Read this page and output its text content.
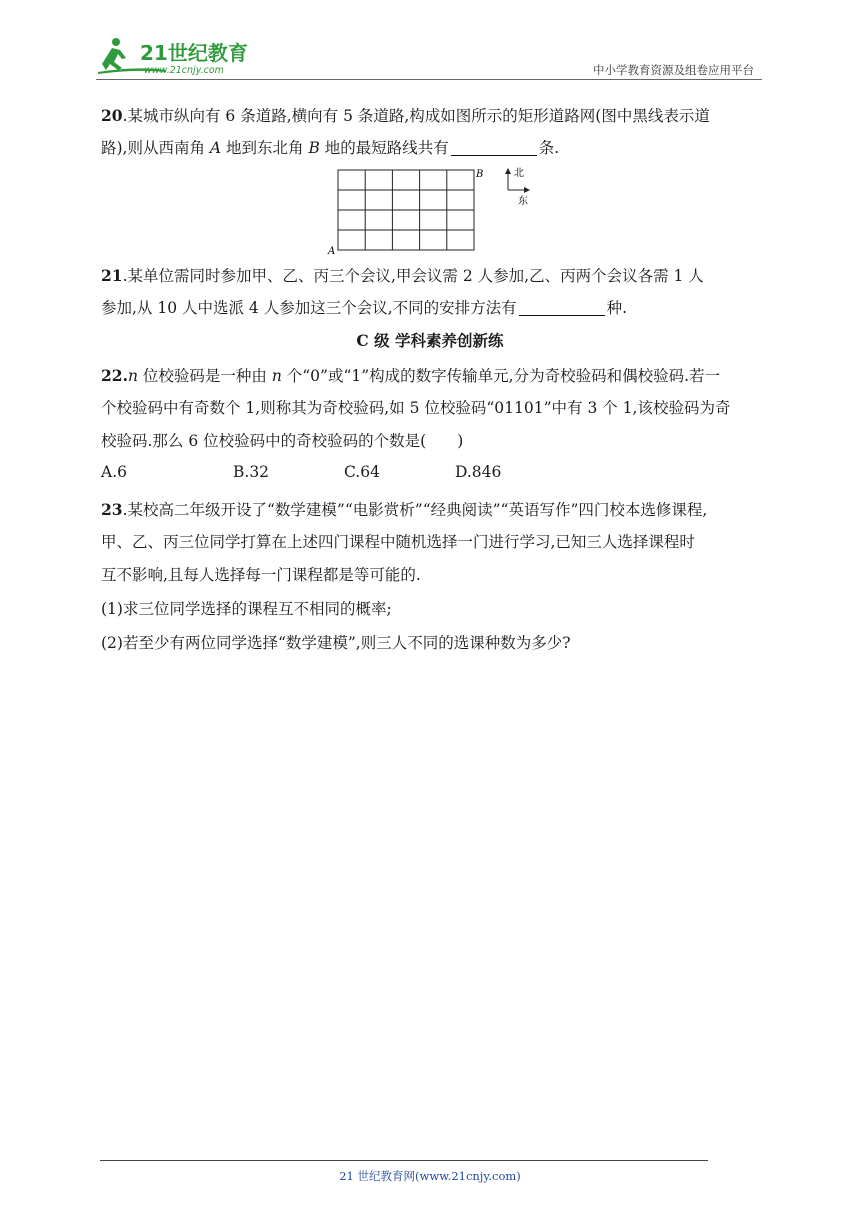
21世纪教育
www.21cnjy.com	中小学教育资源及组卷应用平台

20.某城市纵向有 6 条道路,横向有 5 条道路,构成如图所示的矩形道路网(图中黑线表示道

路),则从西南角 A 地到东北角 B 地的最短路线共有	条.

21.某单位需同时参加甲、乙、丙三个会议,甲会议需 2 人参加,乙、丙两个会议各需 1 人

参加,从 10 人中选派 4 人参加这三个会议,不同的安排方法有	种.

22.n 位校验码是一种由 n 个“0”或“1”构成的数字传输单元,分为奇校验码和偶校验码.若一

个校验码中有奇数个 1,则称其为奇校验码,如 5 位校验码“01101”中有 3 个 1,该校验码为奇

校验码.那么 6 位校验码中的奇校验码的个数是(　　)

23.某校高二年级开设了“数学建模”“电影赏析”“经典阅读”“英语写作”四门校本选修课程,

甲、乙、丙三位同学打算在上述四门课程中随机选择一门进行学习,已知三人选择课程时

互不影响,且每人选择每一门课程都是等可能的.

(1)求三位同学选择的课程互不相同的概率;

(2)若至少有两位同学选择“数学建模”,则三人不同的选课种数为多少?

A
B	北
东
C 级 学科素养创新练
A.6	B.32	C.64	D.846
21 世纪教育网(www.21cnjy.com)
